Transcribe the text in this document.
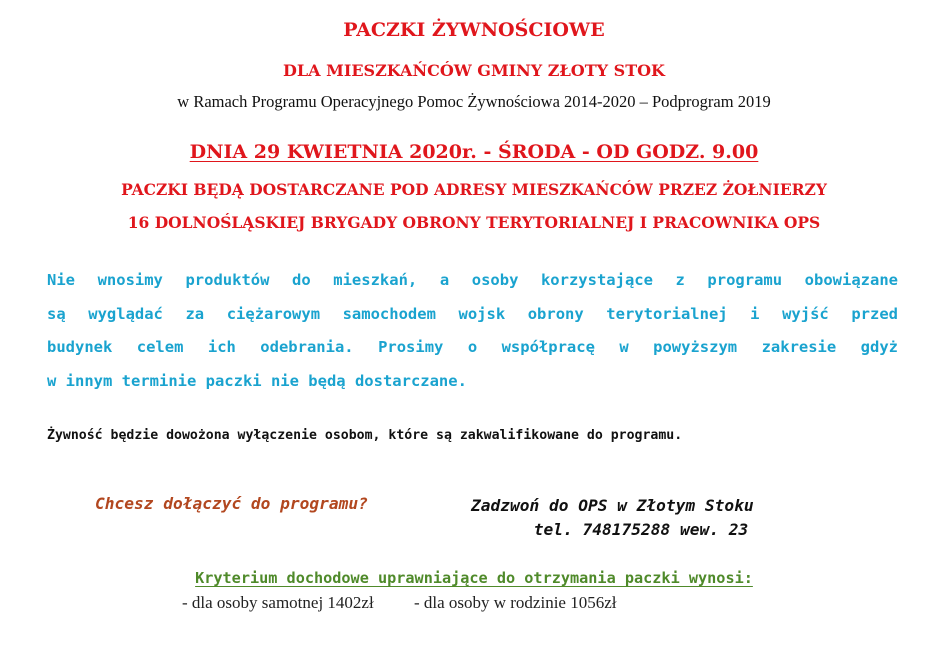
PACZKI ŻYWNOŚCIOWE
DLA MIESZKAŃCÓW GMINY ZŁOTY STOK
w Ramach Programu Operacyjnego Pomoc Żywnościowa 2014-2020 – Podprogram 2019
DNIA 29 KWIETNIA 2020r. - ŚRODA - OD GODZ. 9.00
PACZKI BĘDĄ DOSTARCZANE POD ADRESY MIESZKAŃCÓW PRZEZ ŻOŁNIERZY
16 DOLNOŚLĄSKIEJ BRYGADY OBRONY TERYTORIALNEJ I PRACOWNIKA OPS
Nie wnosimy produktów do mieszkań, a osoby korzystające z programu obowiązane
są wyglądać za ciężarowym samochodem wojsk obrony terytorialnej i wyjść przed
budynek celem ich odebrania. Prosimy o współpracę w powyższym zakresie gdyż
w innym terminie paczki nie będą dostarczane.
Żywność będzie dowożona wyłączenie osobom, które są zakwalifikowane do programu.
Chcesz dołączyć do programu?	Zadzwoń do OPS w Złotym Stoku
tel. 748175288 wew. 23
Kryterium dochodowe uprawniające do otrzymania paczki wynosi:
- dla osoby samotnej 1402zł - dla osoby w rodzinie 1056zł
